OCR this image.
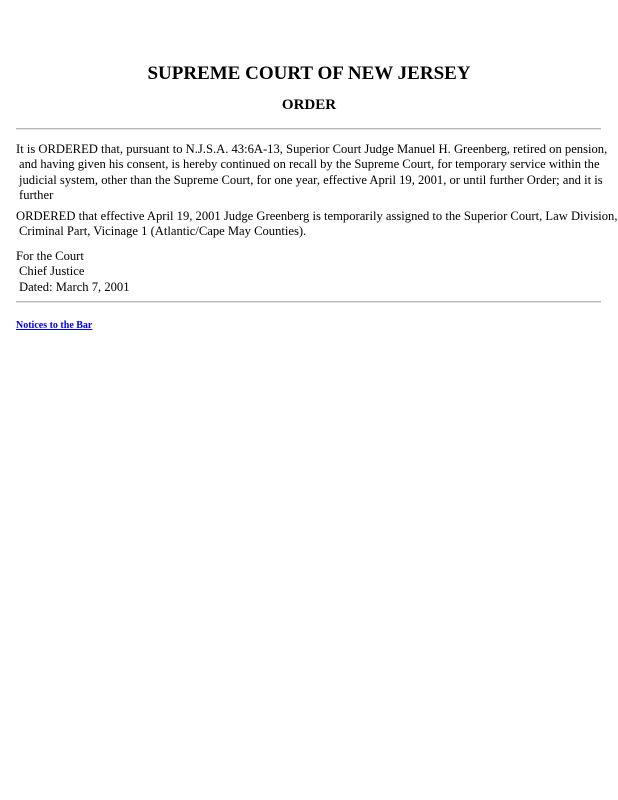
SUPREME COURT OF NEW JERSEY
ORDER
It is ORDERED that, pursuant to N.J.S.A. 43:6A-13, Superior Court Judge Manuel H. Greenberg, retired on pension,
and having given his consent, is hereby continued on recall by the Supreme Court, for temporary service within the
judicial system, other than the Supreme Court, for one year, effective April 19, 2001, or until further Order; and it is
further
ORDERED that effective April 19, 2001 Judge Greenberg is temporarily assigned to the Superior Court, Law Division,
Criminal Part, Vicinage 1 (Atlantic/Cape May Counties).
For the Court
Chief Justice
Dated: March 7, 2001
Notices to the Bar
